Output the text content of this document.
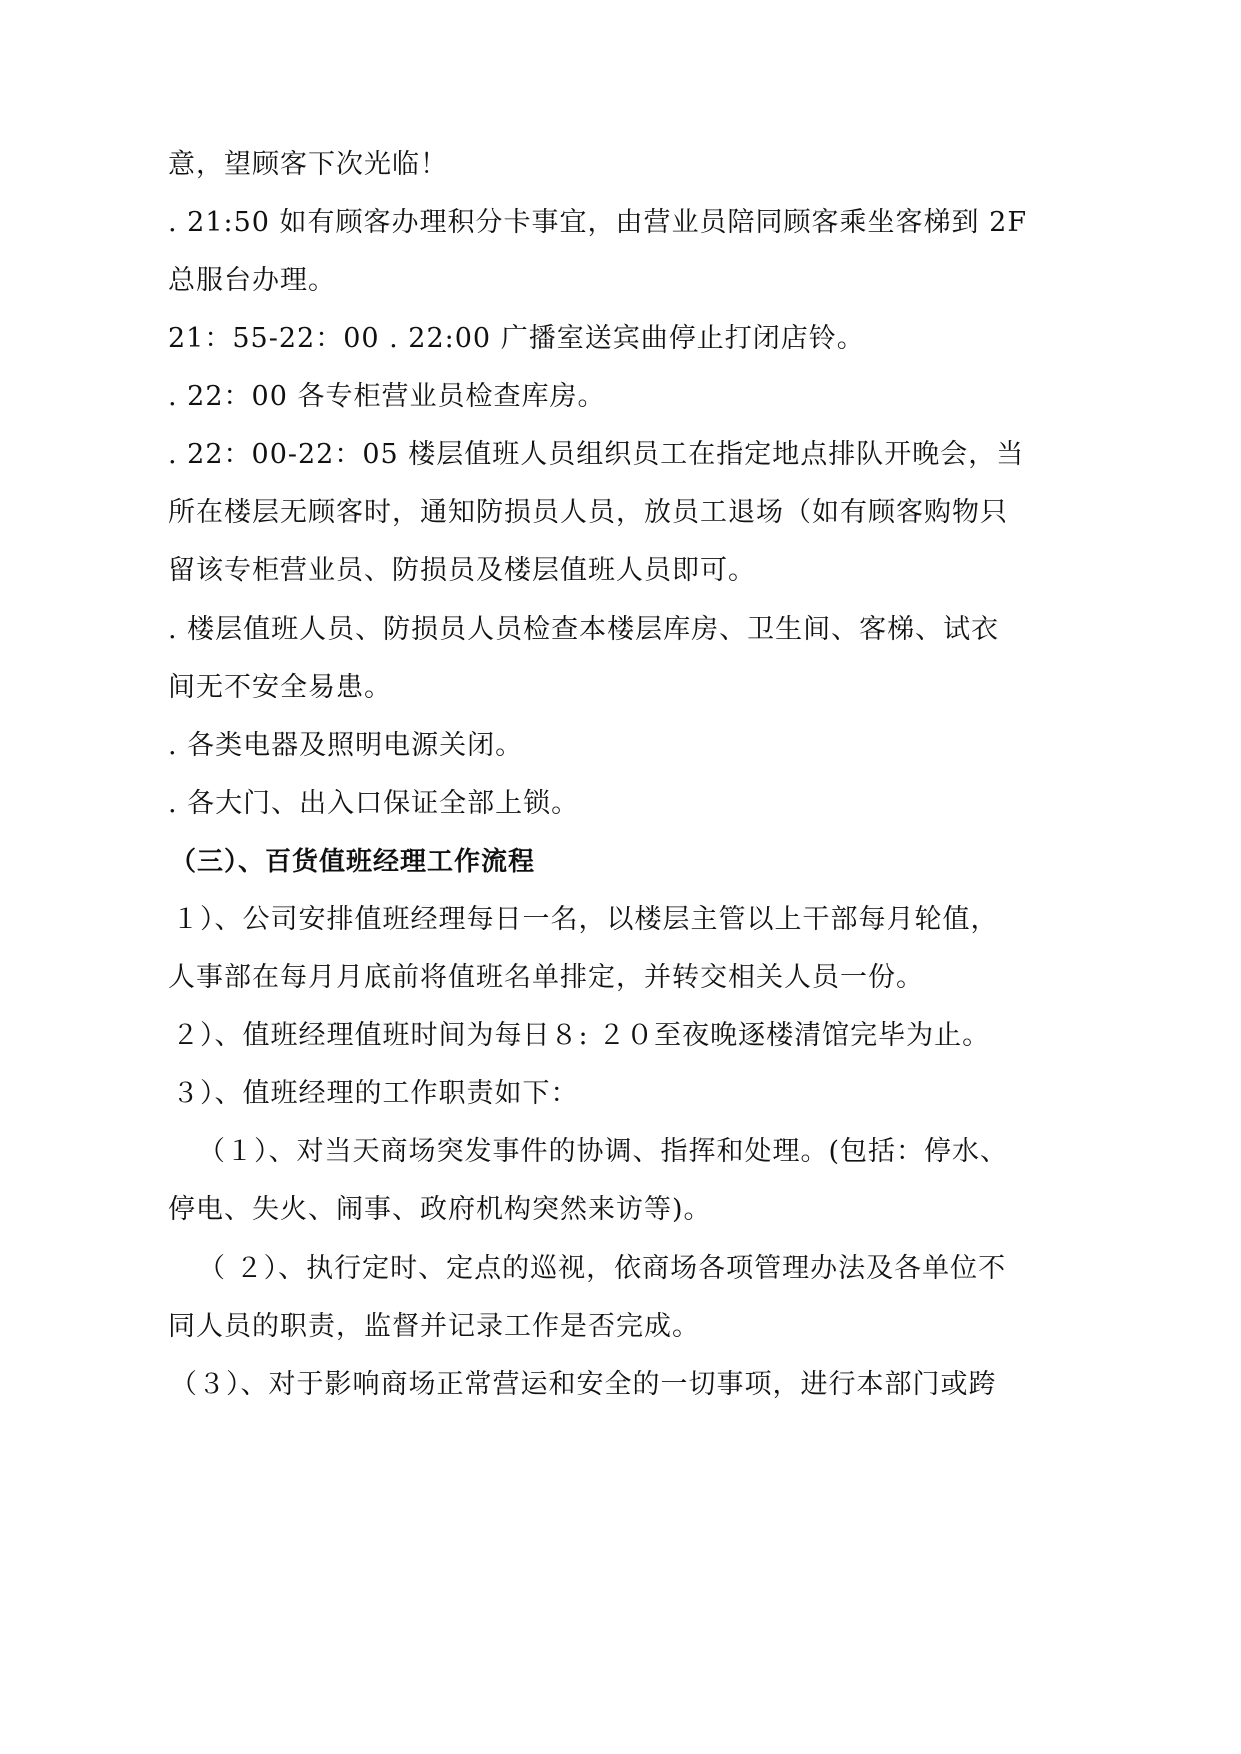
意，望顾客下次光临！
. 21:50 如有顾客办理积分卡事宜，由营业员陪同顾客乘坐客梯到 2F
总服台办理。
21：55-22：00 . 22:00 广播室送宾曲停止打闭店铃。
. 22：00 各专柜营业员检查库房。
. 22：00-22：05 楼层值班人员组织员工在指定地点排队开晚会，当
所在楼层无顾客时，通知防损员人员，放员工退场（如有顾客购物只
留该专柜营业员、防损员及楼层值班人员即可。
. 楼层值班人员、防损员人员检查本楼层库房、卫生间、客梯、试衣
间无不安全易患。
. 各类电器及照明电源关闭。
. 各大门、出入口保证全部上锁。
（三）、百货值班经理工作流程
１）、公司安排值班经理每日一名，以楼层主管以上干部每月轮值，
人事部在每月月底前将值班名单排定，并转交相关人员一份。
２）、值班经理值班时间为每日８: ２０至夜晚逐楼清馆完毕为止。
３）、值班经理的工作职责如下：
（１）、对当天商场突发事件的协调、指挥和处理。(包括：停水、
停电、失火、闹事、政府机构突然来访等)。
（ ２）、执行定时、定点的巡视，依商场各项管理办法及各单位不
同人员的职责，监督并记录工作是否完成。
（３）、对于影响商场正常营运和安全的一切事项，进行本部门或跨
